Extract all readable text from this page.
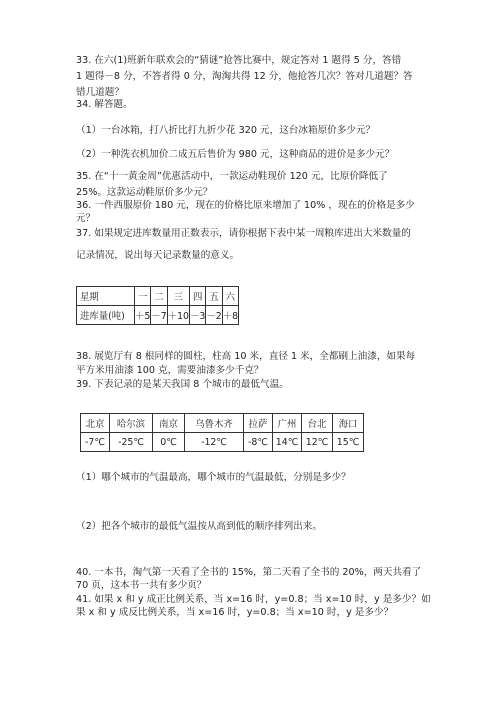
33. 在六(1)班新年联欢会的“猜谜”抢答比赛中，规定答对 1 题得 5 分，答错
1 题得－8 分，不答者得 0 分，淘淘共得 12 分，他抢答几次？答对几道题？答
错几道题？
34. 解答题。
（1）一台冰箱，打八折比打九折少花 320 元，这台冰箱原价多少元？
（2）一种洗衣机加价二成五后售价为 980 元，这种商品的进价是多少元？
35. 在“十一黄金周”优惠活动中，一款运动鞋现价 120 元，比原价降低了
25%。这款运动鞋原价多少元？
36. 一件西服原价 180 元，现在的价格比原来增加了 10% ，现在的价格是多少
元？
37. 如果规定进库数量用正数表示，请你根据下表中某一周粮库进出大米数量的
记录情况，说出每天记录数量的意义。
星期	一	二	三	四	五	六
进库量(吨)	＋5	－7	＋10	－3	－2	＋8
38. 展览厅有 8 根同样的圆柱，柱高 10 米，直径 1 米，全都刷上油漆，如果每
平方米用油漆 100 克，需要油漆多少千克？
39. 下表记录的是某天我国 8 个城市的最低气温。
北京	哈尔滨	南京	乌鲁木齐	拉萨	广州	台北	海口
-7℃	-25℃	0℃	-12℃	-8℃	14℃	12℃	15℃
（1）哪个城市的气温最高，哪个城市的气温最低，分别是多少？
（2）把各个城市的最低气温按从高到低的顺序排列出来。
40. 一本书，淘气第一天看了全书的 15%，第二天看了全书的 20%，两天共看了
70 页，这本书一共有多少页？
41. 如果 x 和 y 成正比例关系，当 x=16 时，y=0.8；当 x=10 时，y 是多少？如
果 x 和 y 成反比例关系，当 x=16 时，y=0.8；当 x=10 时，y 是多少？
